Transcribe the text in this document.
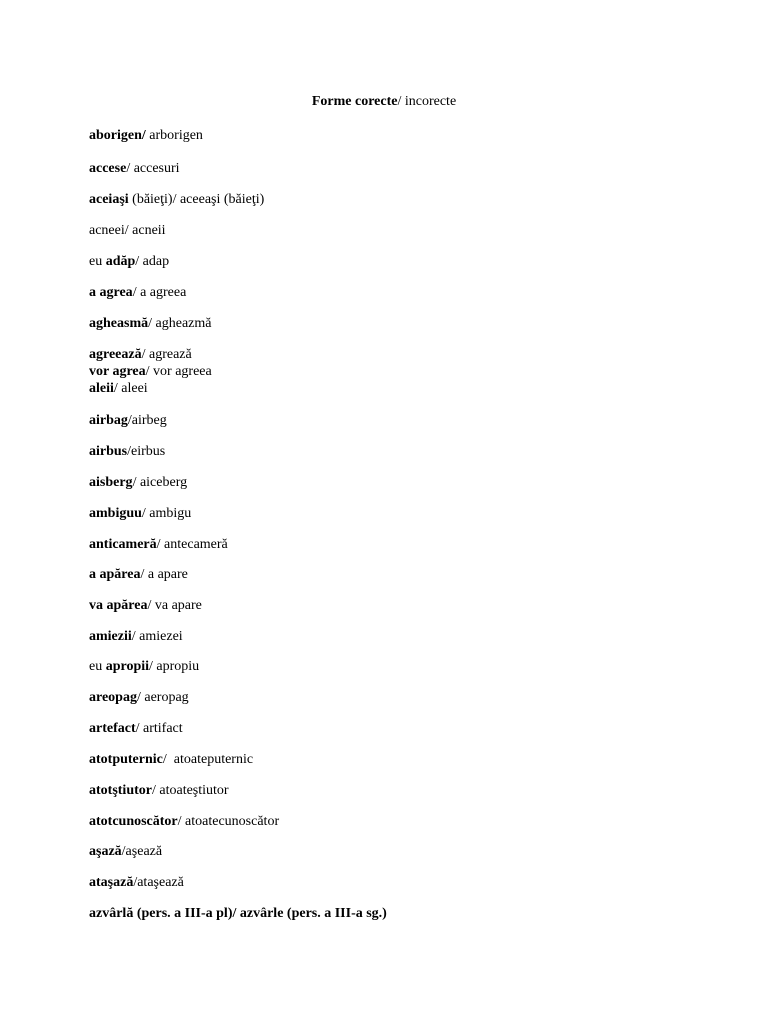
Forme corecte/ incorecte
aborigen/ arborigen
accese/ accesuri
aceiaşi (băieţi)/ aceeaşi (băieţi)
acneei/ acneii
eu adăp/ adap
a agrea/ a agreea
agheasmă/ agheazmă
agreează/ agrează
vor agrea/ vor agreea
aleii/ aleei
airbag/airbeg
airbus/eirbus
aisberg/ aiceberg
ambiguu/ ambigu
anticameră/ antecameră
a apărea/ a apare
va apărea/ va apare
amiezii/ amiezei
eu apropii/ apropiu
areopag/ aeropag
artefact/ artifact
atotputernic/  atoateputernic
atotştiutor/ atoateştiutor
atotcunoscător/ atoatecunoscător
aşază/aşează
ataşază/ataşează
azvârlă (pers. a III-a pl)/ azvârle (pers. a III-a sg.)
